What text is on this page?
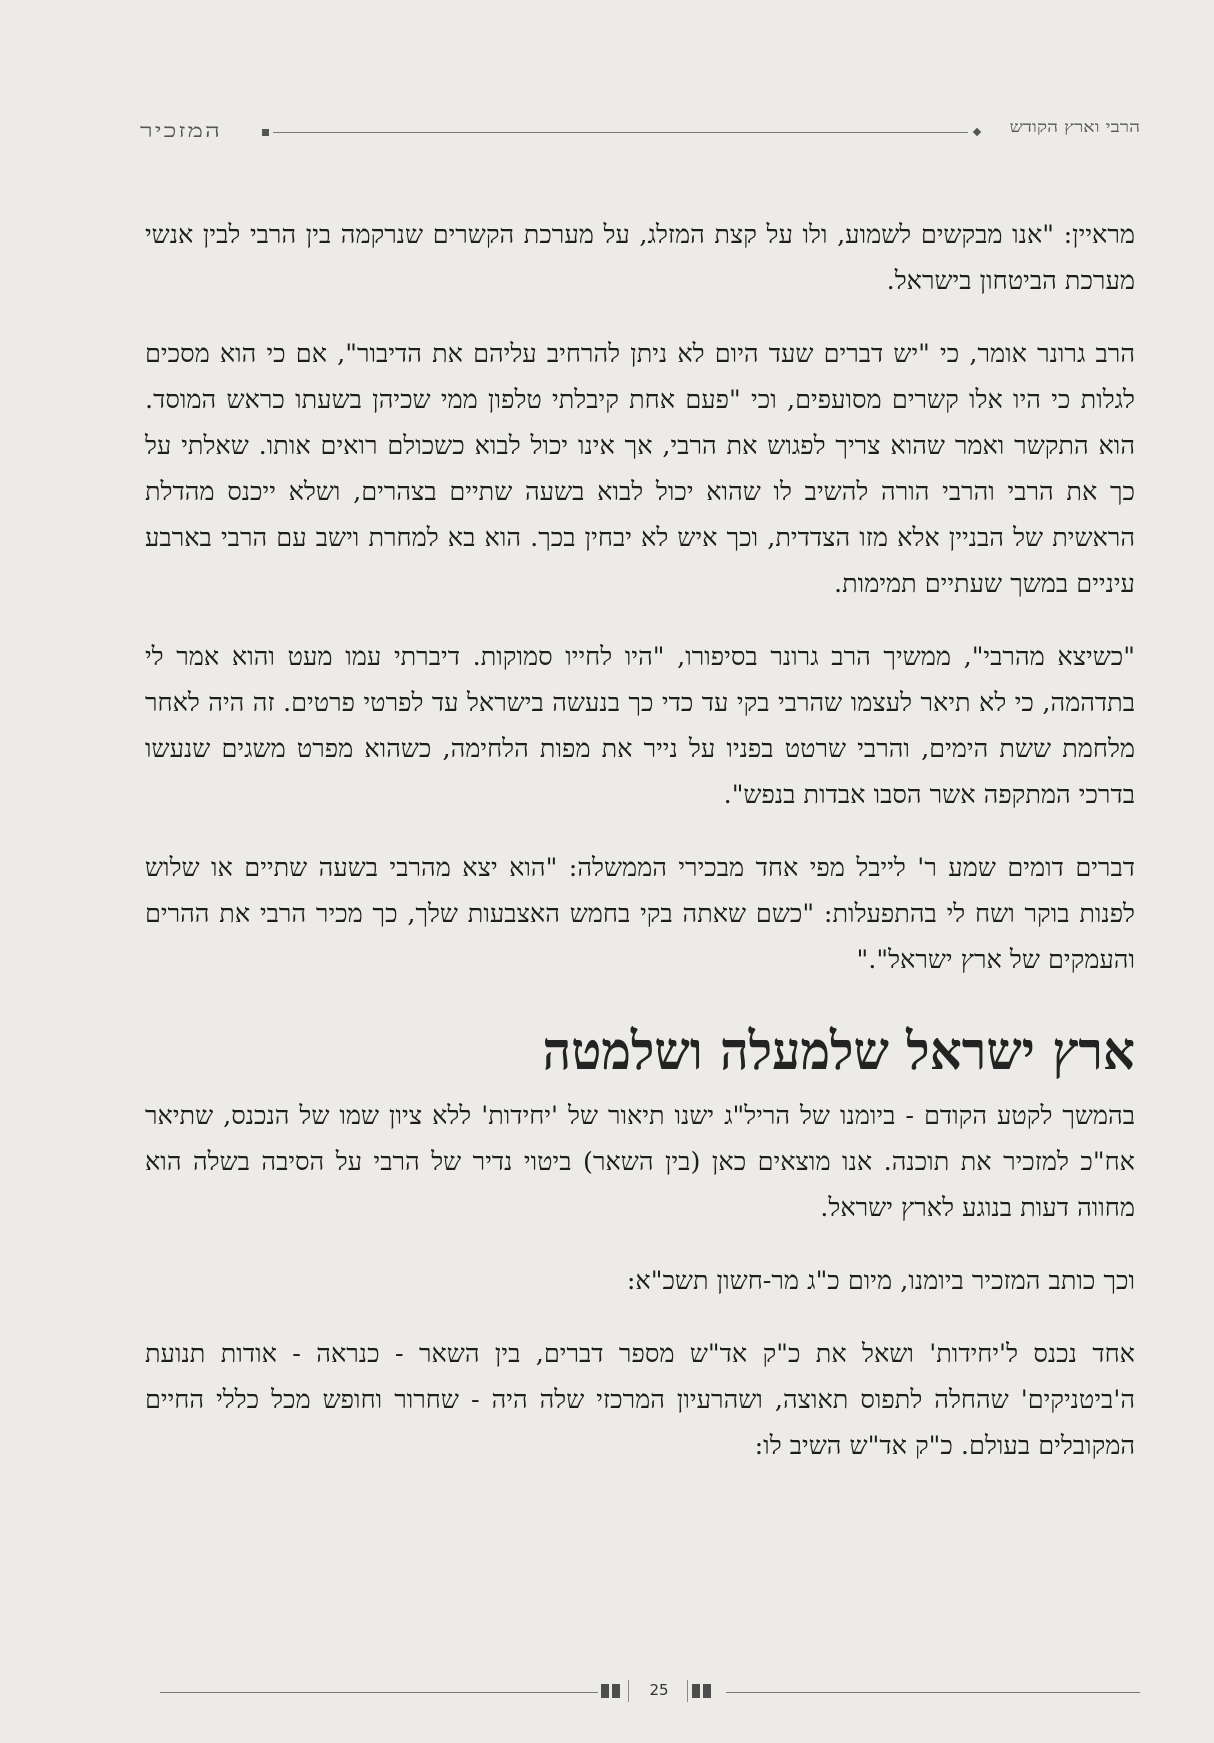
המזכיר	הרבי וארץ הקודש

מראיין: "אנו מבקשים לשמוע, ולו על קצת המזלג, על מערכת הקשרים שנרקמה בין הרבי לבין אנשי מערכת הביטחון בישראל.

הרב גרונר אומר, כי "יש דברים שעד היום לא ניתן להרחיב עליהם את הדיבור", אם כי הוא מסכים לגלות כי היו אלו קשרים מסועפים, וכי "פעם אחת קיבלתי טלפון ממי שכיהן בשעתו כראש המוסד. הוא התקשר ואמר שהוא צריך לפגוש את הרבי, אך אינו יכול לבוא כשכולם רואים אותו. שאלתי על כך את הרבי והרבי הורה להשיב לו שהוא יכול לבוא בשעה שתיים בצהרים, ושלא ייכנס מהדלת הראשית של הבניין אלא מזו הצדדית, וכך איש לא יבחין בכך. הוא בא למחרת וישב עם הרבי בארבע עיניים במשך שעתיים תמימות.

"כשיצא מהרבי", ממשיך הרב גרונר בסיפורו, "היו לחייו סמוקות. דיברתי עמו מעט והוא אמר לי בתדהמה, כי לא תיאר לעצמו שהרבי בקי עד כדי כך בנעשה בישראל עד לפרטי פרטים. זה היה לאחר מלחמת ששת הימים, והרבי שרטט בפניו על נייר את מפות הלחימה, כשהוא מפרט משגים שנעשו בדרכי המתקפה אשר הסבו אבדות בנפש".

דברים דומים שמע ר' לייבל מפי אחד מבכירי הממשלה: "הוא יצא מהרבי בשעה שתיים או שלוש לפנות בוקר ושח לי בהתפעלות: "כשם שאתה בקי בחמש האצבעות שלך, כך מכיר הרבי את ההרים והעמקים של ארץ ישראל"."

ארץ ישראל שלמעלה ושלמטה

בהמשך לקטע הקודם - ביומנו של הריל"ג ישנו תיאור של 'יחידות' ללא ציון שמו של הנכנס, שתיאר אח"כ למזכיר את תוכנה. אנו מוצאים כאן (בין השאר) ביטוי נדיר של הרבי על הסיבה בשלה הוא מחווה דעות בנוגע לארץ ישראל.

וכך כותב המזכיר ביומנו, מיום כ"ג מר-חשון תשכ"א:

אחד נכנס ל'יחידות' ושאל את כ"ק אד"ש מספר דברים, בין השאר - כנראה - אודות תנועת ה'ביטניקים' שהחלה לתפוס תאוצה, ושהרעיון המרכזי שלה היה - שחרור וחופש מכל כללי החיים המקובלים בעולם. כ"ק אד"ש השיב לו:

25
